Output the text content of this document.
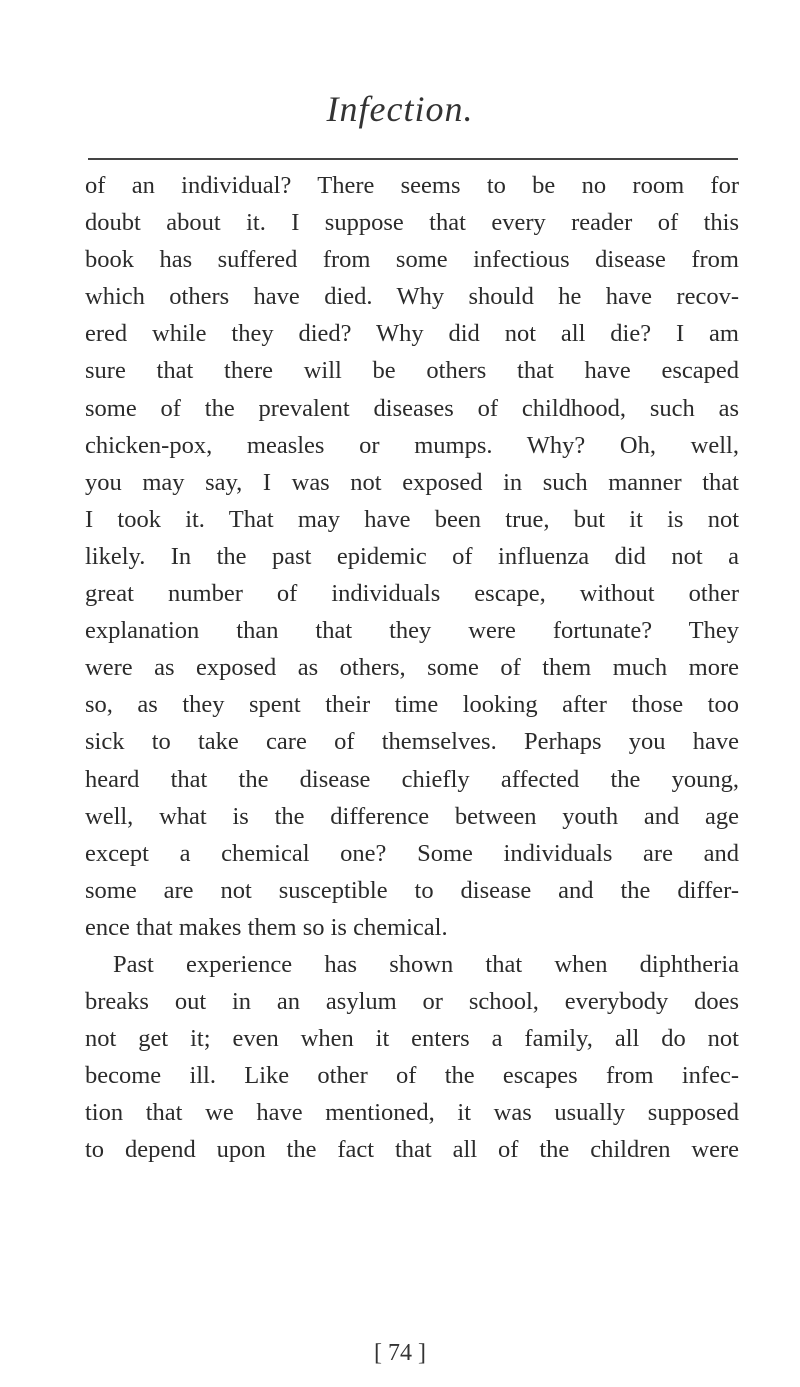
Infection.
of an individual? There seems to be no room for
doubt about it. I suppose that every reader of this
book has suffered from some infectious disease from
which others have died. Why should he have recov-
ered while they died? Why did not all die? I am
sure that there will be others that have escaped
some of the prevalent diseases of childhood, such as
chicken-pox, measles or mumps. Why? Oh, well,
you may say, I was not exposed in such manner that
I took it. That may have been true, but it is not
likely. In the past epidemic of influenza did not a
great number of individuals escape, without other
explanation than that they were fortunate? They
were as exposed as others, some of them much more
so, as they spent their time looking after those too
sick to take care of themselves. Perhaps you have
heard that the disease chiefly affected the young,
well, what is the difference between youth and age
except a chemical one? Some individuals are and
some are not susceptible to disease and the differ-
ence that makes them so is chemical.
Past experience has shown that when diphtheria
breaks out in an asylum or school, everybody does
not get it; even when it enters a family, all do not
become ill. Like other of the escapes from infec-
tion that we have mentioned, it was usually supposed
to depend upon the fact that all of the children were
[ 74 ]
